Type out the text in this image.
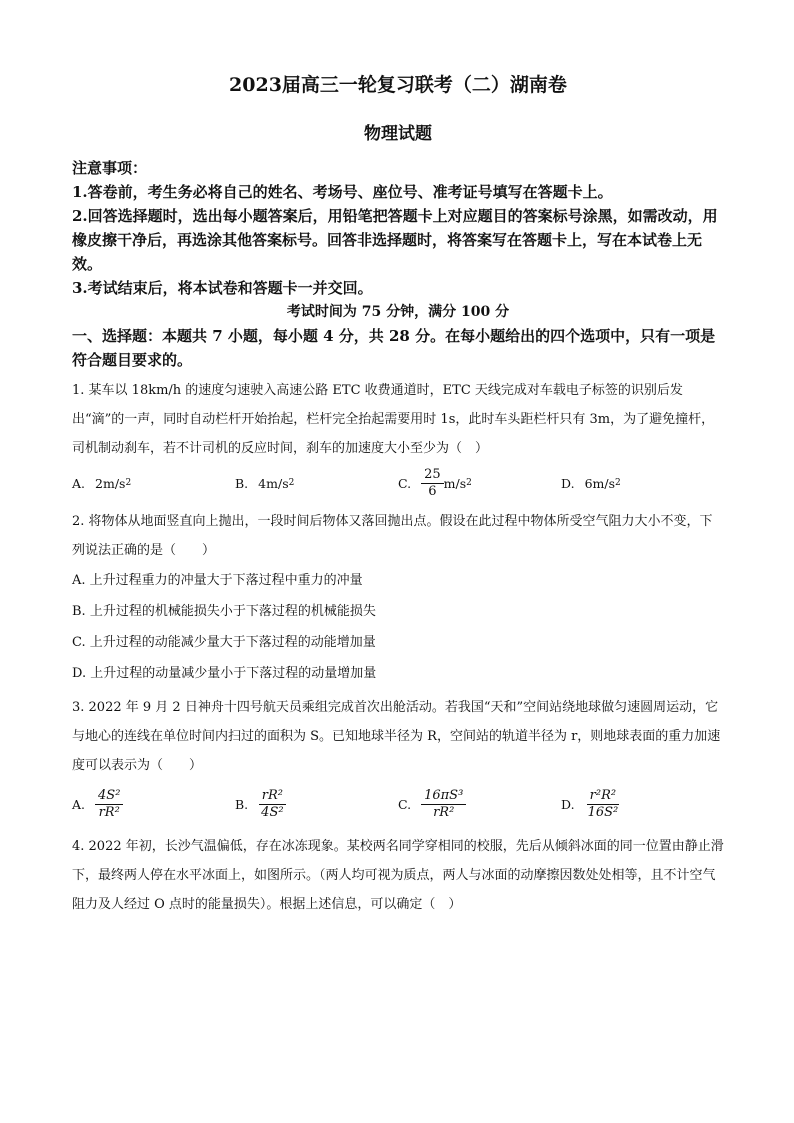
2023届高三一轮复习联考（二）湖南卷

物理试题
注意事项：
1.答卷前，考生务必将自己的姓名、考场号、座位号、准考证号填写在答题卡上。
2.回答选择题时，选出每小题答案后，用铅笔把答题卡上对应题目的答案标号涂黑，如需改动，用橡皮擦干净后，再选涂其他答案标号。回答非选择题时，将答案写在答题卡上，写在本试卷上无效。
3.考试结束后，将本试卷和答题卡一并交回。
考试时间为 75 分钟，满分 100 分
一、选择题：本题共 7 小题，每小题 4 分，共 28 分。在每小题给出的四个选项中，只有一项是符合题目要求的。
1. 某车以 18km/h 的速度匀速驶入高速公路 ETC 收费通道时，ETC 天线完成对车载电子标签的识别后发出“滴”的一声，同时自动栏杆开始抬起，栏杆完全抬起需要用时 1s，此时车头距栏杆只有 3m，为了避免撞杆，司机制动刹车，若不计司机的反应时间，刹车的加速度大小至少为（　）
A. 2m/s 2	B. 4m/s 2	C. $\frac{25}{6} m/s$ 2	D. 6m/s 2
2. 将物体从地面竖直向上抛出，一段时间后物体又落回抛出点。假设在此过程中物体所受空气阻力大小不变，下列说法正确的是（　　）
A. 上升过程重力的冲量大于下落过程中重力的冲量
B. 上升过程的机械能损失小于下落过程的机械能损失
C. 上升过程的动能减少量大于下落过程的动能增加量
D. 上升过程的动量减少量小于下落过程的动量增加量
3. 2022 年 9 月 2 日神舟十四号航天员乘组完成首次出舱活动。若我国“天和”空间站绕地球做匀速圆周运动，它与地心的连线在单位时间内扫过的面积为 S。已知地球半径为 R，空间站的轨道半径为 r，则地球表面的重力加速度可以表示为（　　）
A. $\frac{\text{4S²}}{\text{rR²}}$	B. $\frac{\text{rR²}}{\text{4S²}}$	C. $\frac{\text{16πS³}}{\text{rR²}}$	D. $\frac{\text{r²R²}}{\text{16S²}}$
4. 2022 年初，长沙气温偏低，存在冰冻现象。某校两名同学穿相同的校服，先后从倾斜冰面的同一位置由静止滑下，最终两人停在水平冰面上，如图所示。（两人均可视为质点，两人与冰面的动摩擦因数处处相等，且不计空气阻力及人经过 O 点时的能量损失）。根据上述信息，可以确定（　）
